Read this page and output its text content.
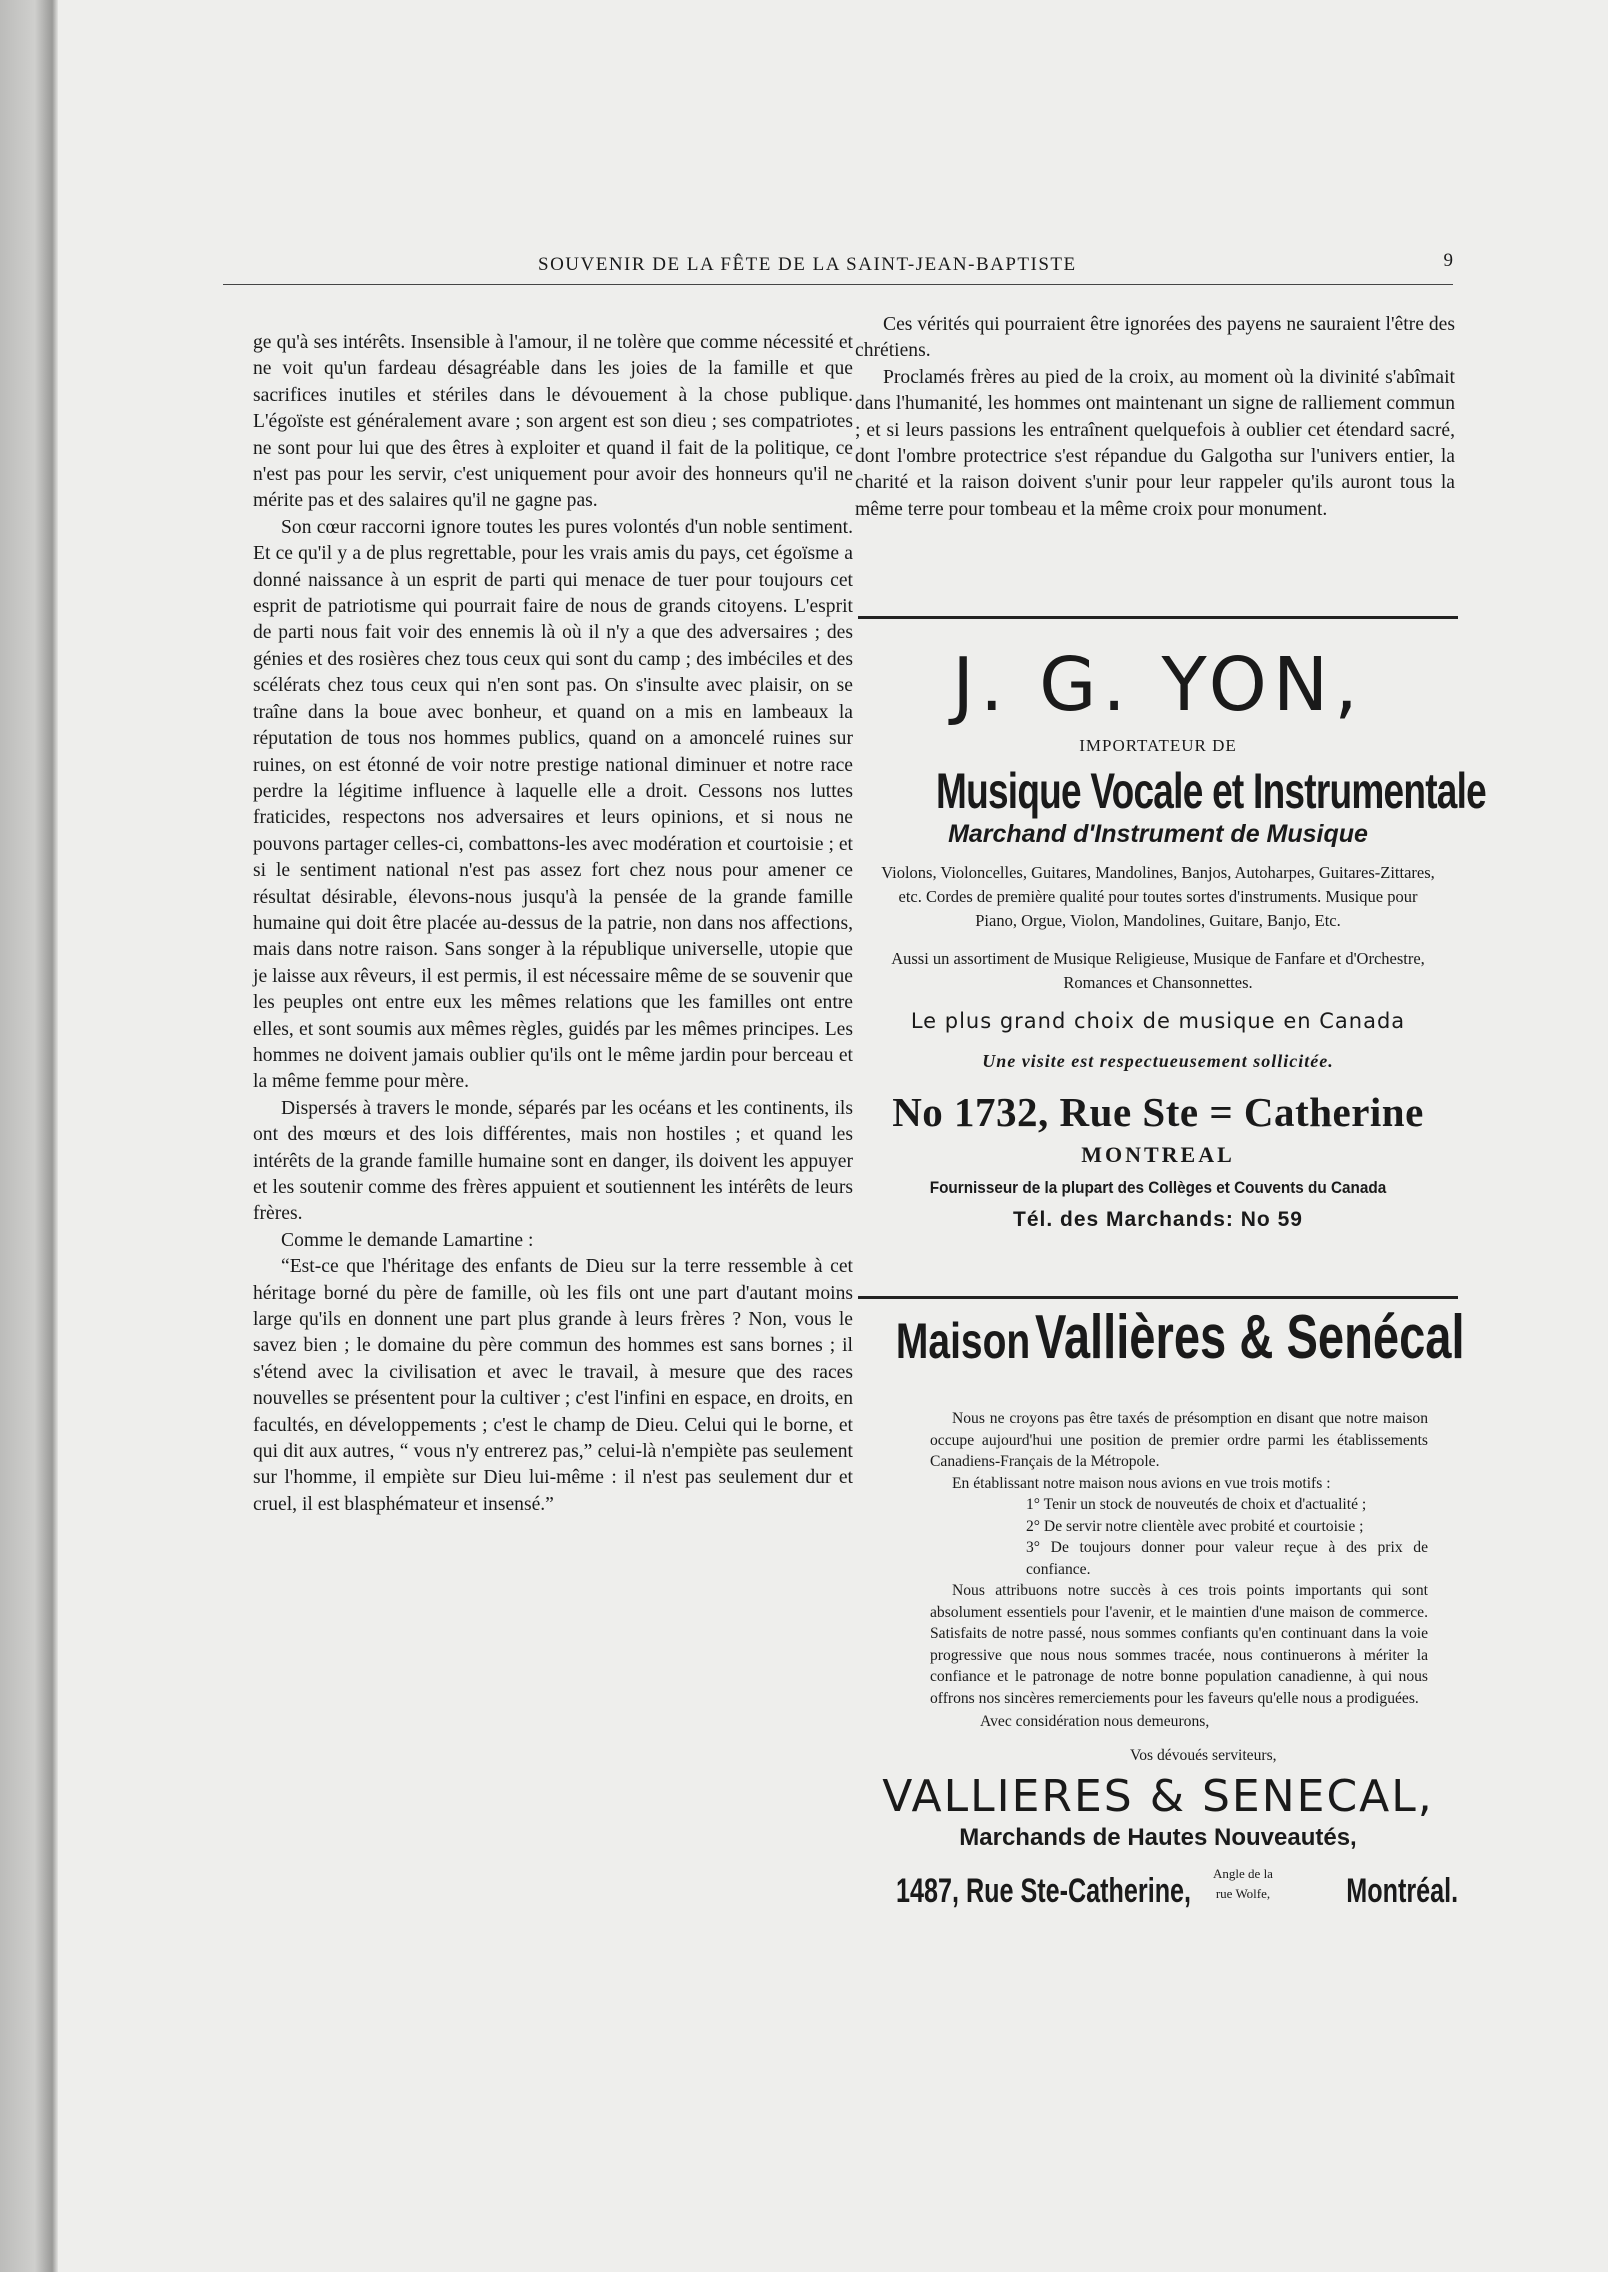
SOUVENIR DE LA FÊTE DE LA SAINT-JEAN-BAPTISTE	9

ge qu'à ses intérêts. Insensible à l'amour, il ne tolère que comme nécessité et ne voit qu'un fardeau désagréable dans les joies de la famille et que sacrifices inutiles et stériles dans le dévouement à la chose publique. L'égoïste est généralement avare ; son argent est son dieu ; ses compatriotes ne sont pour lui que des êtres à exploiter et quand il fait de la politique, ce n'est pas pour les servir, c'est uniquement pour avoir des honneurs qu'il ne mérite pas et des salaires qu'il ne gagne pas.

Son cœur raccorni ignore toutes les pures volontés d'un noble sentiment. Et ce qu'il y a de plus regrettable, pour les vrais amis du pays, cet égoïsme a donné naissance à un esprit de parti qui menace de tuer pour toujours cet esprit de patriotisme qui pourrait faire de nous de grands citoyens. L'esprit de parti nous fait voir des ennemis là où il n'y a que des adversaires ; des génies et des rosières chez tous ceux qui sont du camp ; des imbéciles et des scélérats chez tous ceux qui n'en sont pas. On s'insulte avec plaisir, on se traîne dans la boue avec bonheur, et quand on a mis en lambeaux la réputation de tous nos hommes publics, quand on a amoncelé ruines sur ruines, on est étonné de voir notre prestige national diminuer et notre race perdre la légitime influence à laquelle elle a droit. Cessons nos luttes fraticides, respectons nos adversaires et leurs opinions, et si nous ne pouvons partager celles-ci, combattons-les avec modération et courtoisie ; et si le sentiment national n'est pas assez fort chez nous pour amener ce résultat désirable, élevons-nous jusqu'à la pensée de la grande famille humaine qui doit être placée au-dessus de la patrie, non dans nos affections, mais dans notre raison. Sans songer à la république universelle, utopie que je laisse aux rêveurs, il est permis, il est nécessaire même de se souvenir que les peuples ont entre eux les mêmes relations que les familles ont entre elles, et sont soumis aux mêmes règles, guidés par les mêmes principes. Les hommes ne doivent jamais oublier qu'ils ont le même jardin pour berceau et la même femme pour mère.

Dispersés à travers le monde, séparés par les océans et les continents, ils ont des mœurs et des lois différentes, mais non hostiles ; et quand les intérêts de la grande famille humaine sont en danger, ils doivent les appuyer et les soutenir comme des frères appuient et soutiennent les intérêts de leurs frères.

Comme le demande Lamartine :

“Est-ce que l'héritage des enfants de Dieu sur la terre ressemble à cet héritage borné du père de famille, où les fils ont une part d'autant moins large qu'ils en donnent une part plus grande à leurs frères ? Non, vous le savez bien ; le domaine du père commun des hommes est sans bornes ; il s'étend avec la civilisation et avec le travail, à mesure que des races nouvelles se présentent pour la cultiver ; c'est l'infini en espace, en droits, en facultés, en développements ; c'est le champ de Dieu. Celui qui le borne, et qui dit aux autres, “ vous n'y entrerez pas,” celui-là n'empiète pas seulement sur l'homme, il empiète sur Dieu lui-même : il n'est pas seulement dur et cruel, il est blasphémateur et insensé.”

Ces vérités qui pourraient être ignorées des payens ne sauraient l'être des chrétiens.

Proclamés frères au pied de la croix, au moment où la divinité s'abîmait dans l'humanité, les hommes ont maintenant un signe de ralliement commun ; et si leurs passions les entraînent quelquefois à oublier cet étendard sacré, dont l'ombre protectrice s'est répandue du Galgotha sur l'univers entier, la charité et la raison doivent s'unir pour leur rappeler qu'ils auront tous la même terre pour tombeau et la même croix pour monument.

J. G. YON,
IMPORTATEUR DE
Musique Vocale et Instrumentale
Marchand d'Instrument de Musique
Violons, Violoncelles, Guitares, Mandolines, Banjos, Autoharpes, Guitares-Zittares, etc. Cordes de première qualité pour toutes sortes d'instruments. Musique pour Piano, Orgue, Violon, Mandolines, Guitare, Banjo, Etc.
Aussi un assortiment de Musique Religieuse, Musique de Fanfare et d'Orchestre, Romances et Chansonnettes.
Le plus grand choix de musique en Canada
Une visite est respectueusement sollicitée.
No 1732, Rue Ste = Catherine
MONTREAL
Fournisseur de la plupart des Collèges et Couvents du Canada
Tél. des Marchands: No 59
Maison Vallières & Senécal

Nous ne croyons pas être taxés de présomption en disant que notre maison occupe aujourd'hui une position de premier ordre parmi les établissements Canadiens-Français de la Métropole.

En établissant notre maison nous avions en vue trois motifs :

1° Tenir un stock de nouveutés de choix et d'actualité ;

2° De servir notre clientèle avec probité et courtoisie ;

3° De toujours donner pour valeur reçue à des prix de confiance.

Nous attribuons notre succès à ces trois points importants qui sont absolument essentiels pour l'avenir, et le maintien d'une maison de commerce. Satisfaits de notre passé, nous sommes confiants qu'en continuant dans la voie progressive que nous nous sommes tracée, nous continuerons à mériter la confiance et le patronage de notre bonne population canadienne, à qui nous offrons nos sincères remerciements pour les faveurs qu'elle nous a prodiguées.

Avec considération nous demeurons,
Vos dévoués serviteurs,
VALLIERES & SENECAL,
Marchands de Hautes Nouveautés,
1487, Rue Ste-Catherine,	Angle de la
rue Wolfe,	Montréal.
